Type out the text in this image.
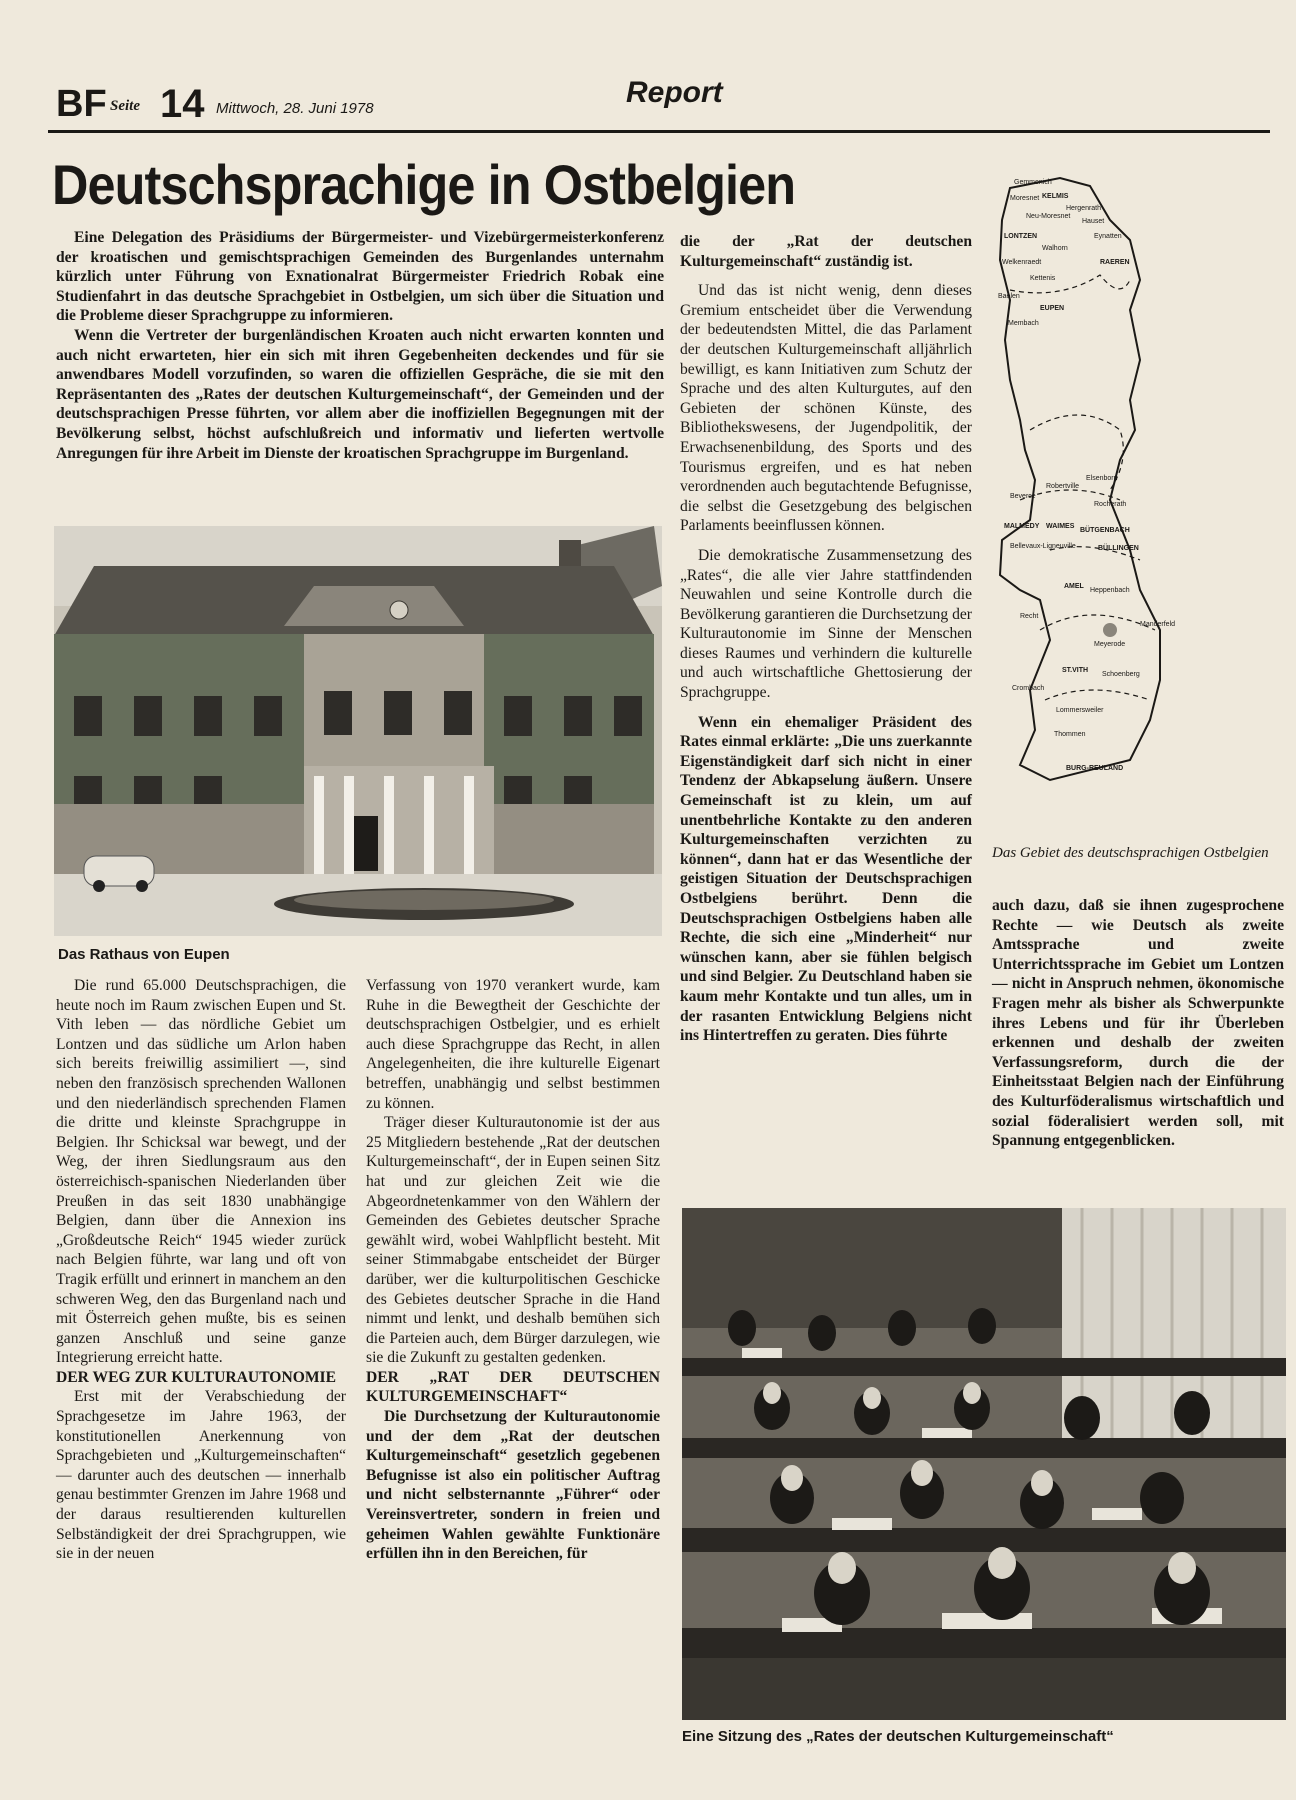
BF Seite 14 Mittwoch, 28. Juni 1978	Report
Deutschsprachige in Ostbelgien

Eine Delegation des Präsidiums der Bürgermeister- und Vizebürgermeisterkonferenz der kroatischen und gemischtsprachigen Gemeinden des Burgenlandes unternahm kürzlich unter Führung von Exnationalrat Bürgermeister Friedrich Robak eine Studienfahrt in das deutsche Sprachgebiet in Ostbelgien, um sich über die Situation und die Probleme dieser Sprachgruppe zu informieren.

Wenn die Vertreter der burgenländischen Kroaten auch nicht erwarten konnten und auch nicht erwarteten, hier ein sich mit ihren Gegebenheiten deckendes und für sie anwendbares Modell vorzufinden, so waren die offiziellen Gespräche, die sie mit den Repräsentanten des „Rates der deutschen Kulturgemeinschaft“, der Gemeinden und der deutschsprachigen Presse führten, vor allem aber die inoffiziellen Begegnungen mit der Bevölkerung selbst, höchst aufschlußreich und informativ und lieferten wertvolle Anregungen für ihre Arbeit im Dienste der kroatischen Sprachgruppe im Burgenland.

Das Rathaus von Eupen

Die rund 65.000 Deutschsprachigen, die heute noch im Raum zwischen Eupen und St. Vith leben — das nördliche Gebiet um Lontzen und das südliche um Arlon haben sich bereits freiwillig assimiliert —, sind neben den französisch sprechenden Wallonen und den niederländisch sprechenden Flamen die dritte und kleinste Sprachgruppe in Belgien. Ihr Schicksal war bewegt, und der Weg, der ihren Siedlungsraum aus den österreichisch-spanischen Niederlanden über Preußen in das seit 1830 unabhängige Belgien, dann über die Annexion ins „Großdeutsche Reich“ 1945 wieder zurück nach Belgien führte, war lang und oft von Tragik erfüllt und erinnert in manchem an den schweren Weg, den das Burgenland nach und mit Österreich gehen mußte, bis es seinen ganzen Anschluß und seine ganze Integrierung erreicht hatte.

DER WEG ZUR KULTURAUTONOMIE

Erst mit der Verabschiedung der Sprachgesetze im Jahre 1963, der konstitutionellen Anerkennung von Sprachgebieten und „Kulturgemeinschaften“ — darunter auch des deutschen — innerhalb genau bestimmter Grenzen im Jahre 1968 und der daraus resultierenden kulturellen Selbständigkeit der drei Sprachgruppen, wie sie in der neuen

Verfassung von 1970 verankert wurde, kam Ruhe in die Bewegtheit der Geschichte der deutschsprachigen Ostbelgier, und es erhielt auch diese Sprachgruppe das Recht, in allen Angelegenheiten, die ihre kulturelle Eigenart betreffen, unabhängig und selbst bestimmen zu können.

Träger dieser Kulturautonomie ist der aus 25 Mitgliedern bestehende „Rat der deutschen Kulturgemeinschaft“, der in Eupen seinen Sitz hat und zur gleichen Zeit wie die Abgeordnetenkammer von den Wählern der Gemeinden des Gebietes deutscher Sprache gewählt wird, wobei Wahlpflicht besteht. Mit seiner Stimmabgabe entscheidet der Bürger darüber, wer die kulturpolitischen Geschicke des Gebietes deutscher Sprache in die Hand nimmt und lenkt, und deshalb bemühen sich die Parteien auch, dem Bürger darzulegen, wie sie die Zukunft zu gestalten gedenken.

DER „RAT DER DEUTSCHEN KULTURGEMEINSCHAFT“

Die Durchsetzung der Kulturautonomie und der dem „Rat der deutschen Kulturgemeinschaft“ gesetzlich gegebenen Befugnisse ist also ein politischer Auftrag und nicht selbsternannte „Führer“ oder Vereinsvertreter, sondern in freien und geheimen Wahlen gewählte Funktionäre erfüllen ihn in den Bereichen, für

die der „Rat der deutschen Kulturgemeinschaft“ zuständig ist.

Und das ist nicht wenig, denn dieses Gremium entscheidet über die Verwendung der bedeutendsten Mittel, die das Parlament der deutschen Kulturgemeinschaft alljährlich bewilligt, es kann Initiativen zum Schutz der Sprache und des alten Kulturgutes, auf den Gebieten der schönen Künste, des Bibliothekswesens, der Jugendpolitik, der Erwachsenenbildung, des Sports und des Tourismus ergreifen, und es hat neben verordnenden auch begutachtende Befugnisse, die selbst die Gesetzgebung des belgischen Parlaments beeinflussen können.

Die demokratische Zusammensetzung des „Rates“, die alle vier Jahre stattfindenden Neuwahlen und seine Kontrolle durch die Bevölkerung garantieren die Durchsetzung der Kulturautonomie im Sinne der Menschen dieses Raumes und verhindern die kulturelle und auch wirtschaftliche Ghettosierung der Sprachgruppe.

Wenn ein ehemaliger Präsident des Rates einmal erklärte: „Die uns zuerkannte Eigenständigkeit darf sich nicht in einer Tendenz der Abkapselung äußern. Unsere Gemeinschaft ist zu klein, um auf unentbehrliche Kontakte zu den anderen Kulturgemeinschaften verzichten zu können“, dann hat er das Wesentliche der geistigen Situation der Deutschsprachigen Ostbelgiens berührt. Denn die Deutschsprachigen Ostbelgiens haben alle Rechte, die sich eine „Minderheit“ nur wünschen kann, aber sie fühlen belgisch und sind Belgier. Zu Deutschland haben sie kaum mehr Kontakte und tun alles, um in der rasanten Entwicklung Belgiens nicht ins Hintertreffen zu geraten. Dies führte

Gemmenich
KELMIS
Moresnet
Hergenrath
Neu-Moresnet
Hauset
Eynatten
LONTZEN
Walhorn
Welkenraedt	RAEREN
Kettenis
Baelen
EUPEN
Membach
Elsenborn
Robertville
Beverce
Rocherath
MALMEDY WAIMES
BÜTGENBACH
BÜLLINGEN
Bellevaux-Ligneuville
AMEL
Heppenbach
Recht
Manderfeld
Meyerode
ST.VITH
Schoenberg
Crombach
Lommersweiler
Thommen
BURG-REULAND
Das Gebiet des deutschsprachigen Ostbelgien

auch dazu, daß sie ihnen zugesprochene Rechte — wie Deutsch als zweite Amtssprache und zweite Unterrichtssprache im Gebiet um Lontzen — nicht in Anspruch nehmen, ökonomische Fragen mehr als bisher als Schwerpunkte ihres Lebens und für ihr Überleben erkennen und deshalb der zweiten Verfassungsreform, durch die der Einheitsstaat Belgien nach der Einführung des Kulturföderalismus wirtschaftlich und sozial föderalisiert werden soll, mit Spannung entgegenblicken.

Eine Sitzung des „Rates der deutschen Kulturgemeinschaft“
